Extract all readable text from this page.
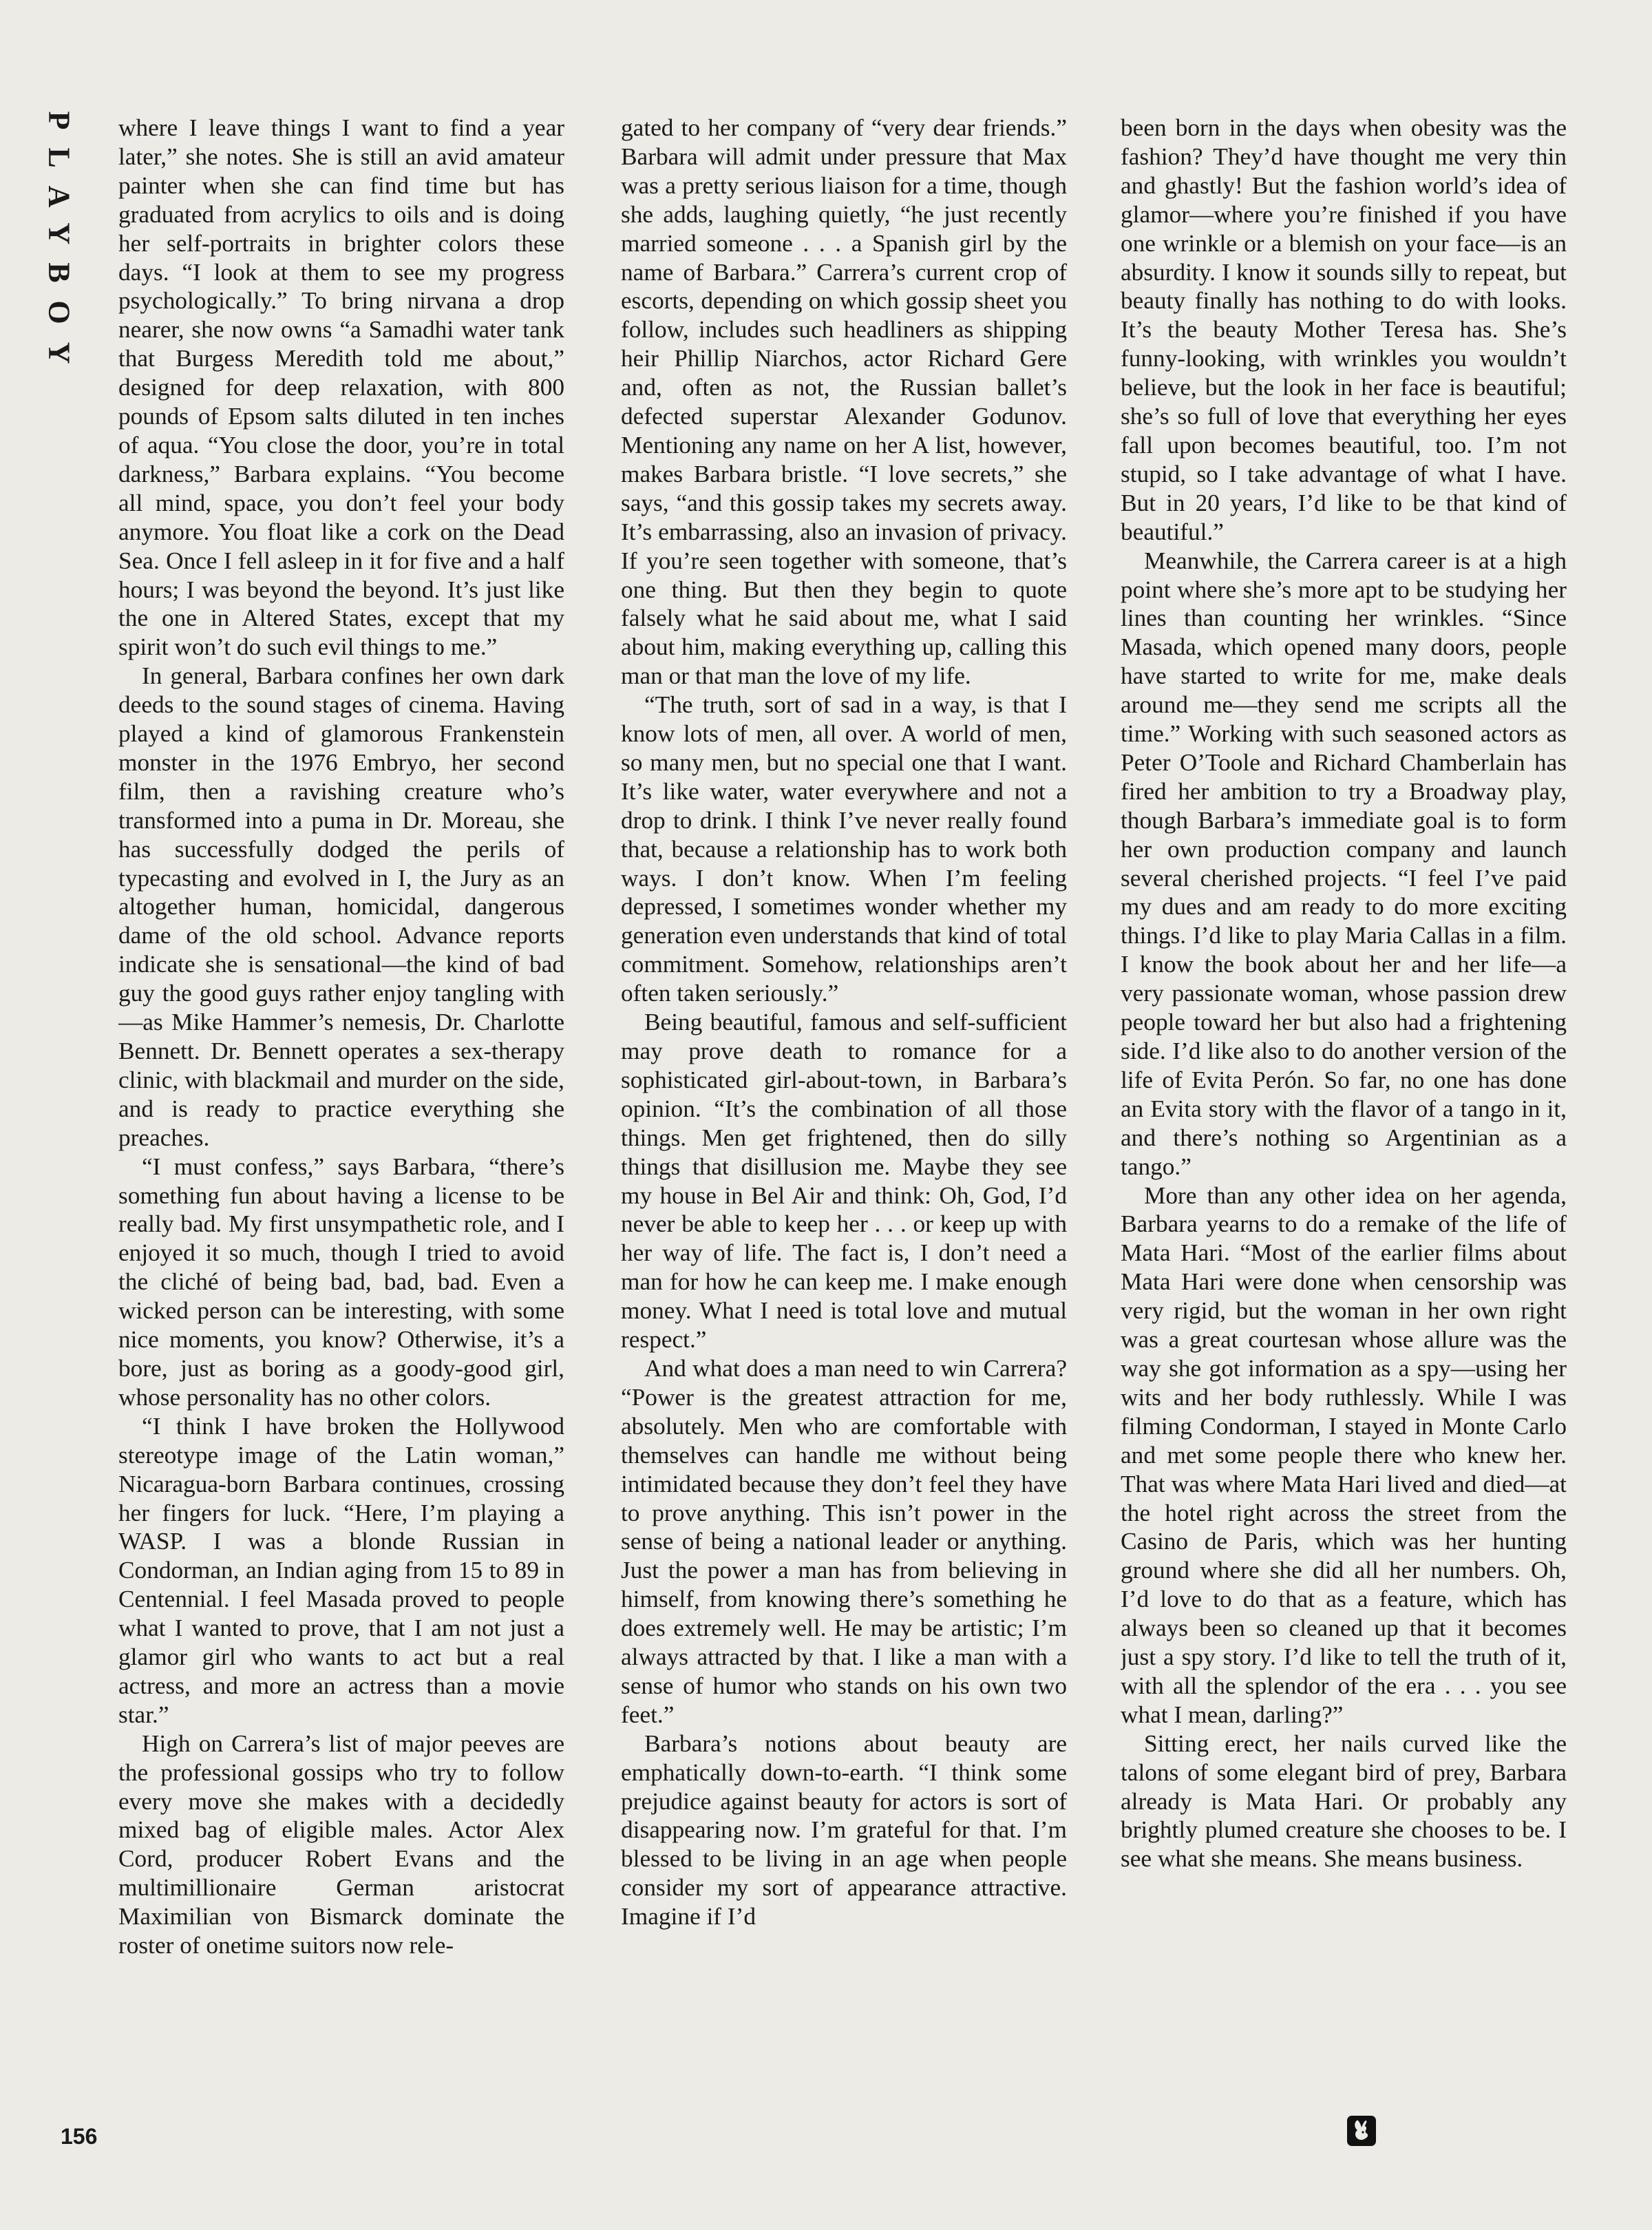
PLAYBOY where I leave things I want to find a year later,” she notes. She is still an avid amateur painter when she can find time but has graduated from acrylics to oils and is doing her self-portraits in brighter colors these days. “I look at them to see my progress psychologically.” To bring nirvana a drop nearer, she now owns “a Samadhi water tank that Burgess Meredith told me about,” designed for deep relaxation, with 800 pounds of Epsom salts diluted in ten inches of aqua. “You close the door, you’re in total darkness,” Barbara explains. “You become all mind, space, you don’t feel your body anymore. You float like a cork on the Dead Sea. Once I fell asleep in it for five and a half hours; I was beyond the beyond. It’s just like the one in Altered States, except that my spirit won’t do such evil things to me.”

In general, Barbara confines her own dark deeds to the sound stages of cinema. Having played a kind of glamorous Frankenstein monster in the 1976 Embryo, her second film, then a ravishing creature who’s transformed into a puma in Dr. Moreau, she has successfully dodged the perils of typecasting and evolved in I, the Jury as an altogether human, homicidal, dangerous dame of the old school. Advance reports indicate she is sensational—the kind of bad guy the good guys rather enjoy tangling with—as Mike Hammer’s nemesis, Dr. Charlotte Bennett. Dr. Bennett operates a sex-therapy clinic, with blackmail and murder on the side, and is ready to practice everything she preaches.

“I must confess,” says Barbara, “there’s something fun about having a license to be really bad. My first unsympathetic role, and I enjoyed it so much, though I tried to avoid the cliché of being bad, bad, bad. Even a wicked person can be interesting, with some nice moments, you know? Otherwise, it’s a bore, just as boring as a goody-good girl, whose personality has no other colors.

“I think I have broken the Hollywood stereotype image of the Latin woman,” Nicaragua-born Barbara continues, crossing her fingers for luck. “Here, I’m playing a WASP. I was a blonde Russian in Condorman, an Indian aging from 15 to 89 in Centennial. I feel Masada proved to people what I wanted to prove, that I am not just a glamor girl who wants to act but a real actress, and more an actress than a movie star.”

High on Carrera’s list of major peeves are the professional gossips who try to follow every move she makes with a decidedly mixed bag of eligible males. Actor Alex Cord, producer Robert Evans and the multimillionaire German aristocrat Maximilian von Bismarck dominate the roster of onetime suitors now rele-

gated to her company of “very dear friends.” Barbara will admit under pressure that Max was a pretty serious liaison for a time, though she adds, laughing quietly, “he just recently married someone . . . a Spanish girl by the name of Barbara.” Carrera’s current crop of escorts, depending on which gossip sheet you follow, includes such headliners as shipping heir Phillip Niarchos, actor Richard Gere and, often as not, the Russian ballet’s defected superstar Alexander Godunov. Mentioning any name on her A list, however, makes Barbara bristle. “I love secrets,” she says, “and this gossip takes my secrets away. It’s embarrassing, also an invasion of privacy. If you’re seen together with someone, that’s one thing. But then they begin to quote falsely what he said about me, what I said about him, making everything up, calling this man or that man the love of my life.

“The truth, sort of sad in a way, is that I know lots of men, all over. A world of men, so many men, but no special one that I want. It’s like water, water everywhere and not a drop to drink. I think I’ve never really found that, because a relationship has to work both ways. I don’t know. When I’m feeling depressed, I sometimes wonder whether my generation even understands that kind of total commitment. Somehow, relationships aren’t often taken seriously.”

Being beautiful, famous and self-sufficient may prove death to romance for a sophisticated girl-about-town, in Barbara’s opinion. “It’s the combination of all those things. Men get frightened, then do silly things that disillusion me. Maybe they see my house in Bel Air and think: Oh, God, I’d never be able to keep her . . . or keep up with her way of life. The fact is, I don’t need a man for how he can keep me. I make enough money. What I need is total love and mutual respect.”

And what does a man need to win Carrera? “Power is the greatest attraction for me, absolutely. Men who are comfortable with themselves can handle me without being intimidated because they don’t feel they have to prove anything. This isn’t power in the sense of being a national leader or anything. Just the power a man has from believing in himself, from knowing there’s something he does extremely well. He may be artistic; I’m always attracted by that. I like a man with a sense of humor who stands on his own two feet.”

Barbara’s notions about beauty are emphatically down-to-earth. “I think some prejudice against beauty for actors is sort of disappearing now. I’m grateful for that. I’m blessed to be living in an age when people consider my sort of appearance attractive. Imagine if I’d

been born in the days when obesity was the fashion? They’d have thought me very thin and ghastly! But the fashion world’s idea of glamor—where you’re finished if you have one wrinkle or a blemish on your face—is an absurdity. I know it sounds silly to repeat, but beauty finally has nothing to do with looks. It’s the beauty Mother Teresa has. She’s funny-looking, with wrinkles you wouldn’t believe, but the look in her face is beautiful; she’s so full of love that everything her eyes fall upon becomes beautiful, too. I’m not stupid, so I take advantage of what I have. But in 20 years, I’d like to be that kind of beautiful.”

Meanwhile, the Carrera career is at a high point where she’s more apt to be studying her lines than counting her wrinkles. “Since Masada, which opened many doors, people have started to write for me, make deals around me—they send me scripts all the time.” Working with such seasoned actors as Peter O’Toole and Richard Chamberlain has fired her ambition to try a Broadway play, though Barbara’s immediate goal is to form her own production company and launch several cherished projects. “I feel I’ve paid my dues and am ready to do more exciting things. I’d like to play Maria Callas in a film. I know the book about her and her life—a very passionate woman, whose passion drew people toward her but also had a frightening side. I’d like also to do another version of the life of Evita Perón. So far, no one has done an Evita story with the flavor of a tango in it, and there’s nothing so Argentinian as a tango.”

More than any other idea on her agenda, Barbara yearns to do a remake of the life of Mata Hari. “Most of the earlier films about Mata Hari were done when censorship was very rigid, but the woman in her own right was a great courtesan whose allure was the way she got information as a spy—using her wits and her body ruthlessly. While I was filming Condorman, I stayed in Monte Carlo and met some people there who knew her. That was where Mata Hari lived and died—at the hotel right across the street from the Casino de Paris, which was her hunting ground where she did all her numbers. Oh, I’d love to do that as a feature, which has always been so cleaned up that it becomes just a spy story. I’d like to tell the truth of it, with all the splendor of the era . . . you see what I mean, darling?”

Sitting erect, her nails curved like the talons of some elegant bird of prey, Barbara already is Mata Hari. Or probably any brightly plumed creature she chooses to be. I see what she means. She means business.

156
